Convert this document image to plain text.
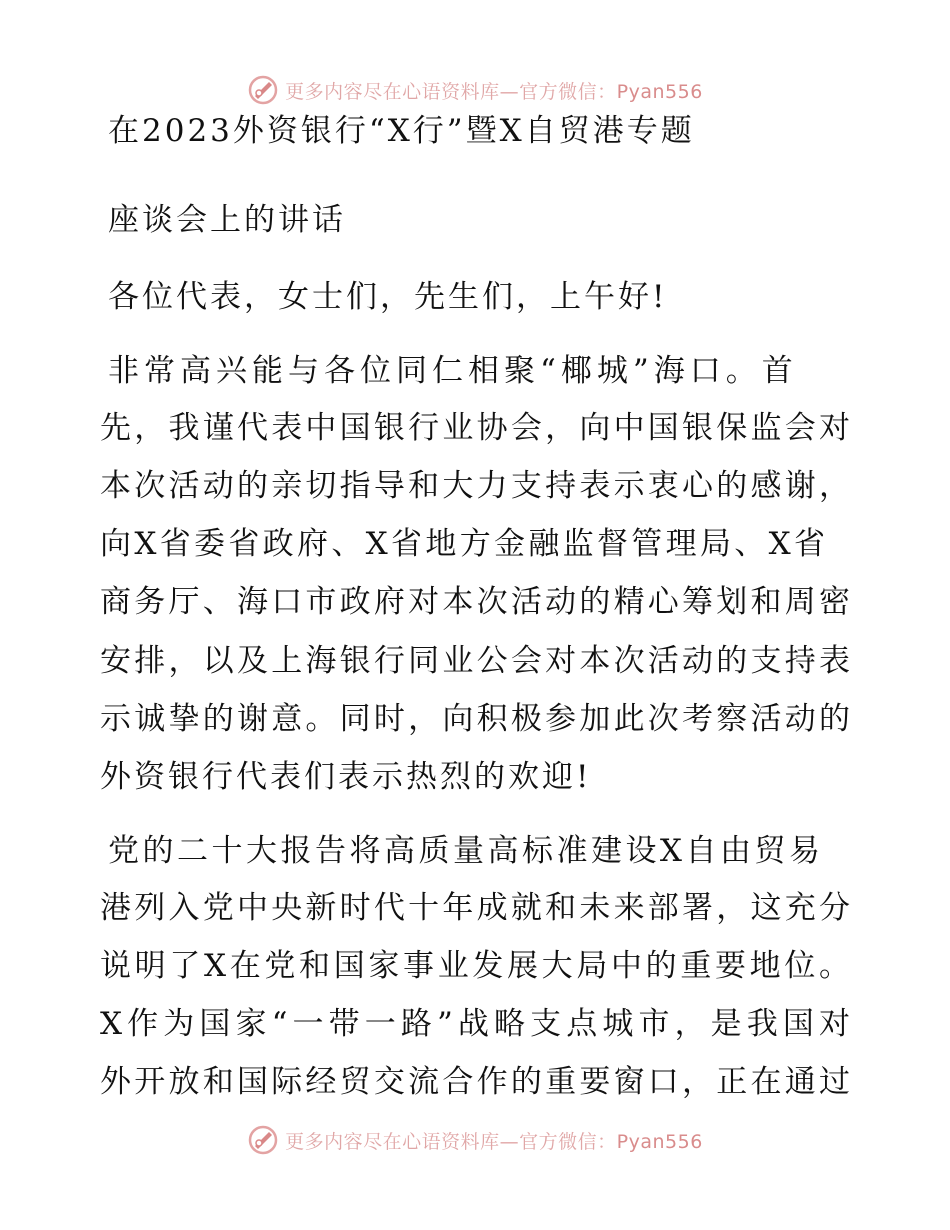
更多内容尽在心语资料库—官方微信：Pyan556
在2023外资银行“X行”暨X自贸港专题
座谈会上的讲话
各位代表，女士们，先生们，上午好!
非常高兴能与各位同仁相聚“椰城”海口。首
先，我谨代表中国银行业协会，向中国银保监会对
本次活动的亲切指导和大力支持表示衷心的感谢，
向X省委省政府、X省地方金融监督管理局、X省
商务厅、海口市政府对本次活动的精心筹划和周密
安排，以及上海银行同业公会对本次活动的支持表
示诚挚的谢意。同时，向积极参加此次考察活动的
外资银行代表们表示热烈的欢迎!
党的二十大报告将高质量高标准建设X自由贸易
港列入党中央新时代十年成就和未来部署，这充分
说明了X在党和国家事业发展大局中的重要地位。
X作为国家“一带一路”战略支点城市，是我国对
外开放和国际经贸交流合作的重要窗口，正在通过
更多内容尽在心语资料库—官方微信：Pyan556
